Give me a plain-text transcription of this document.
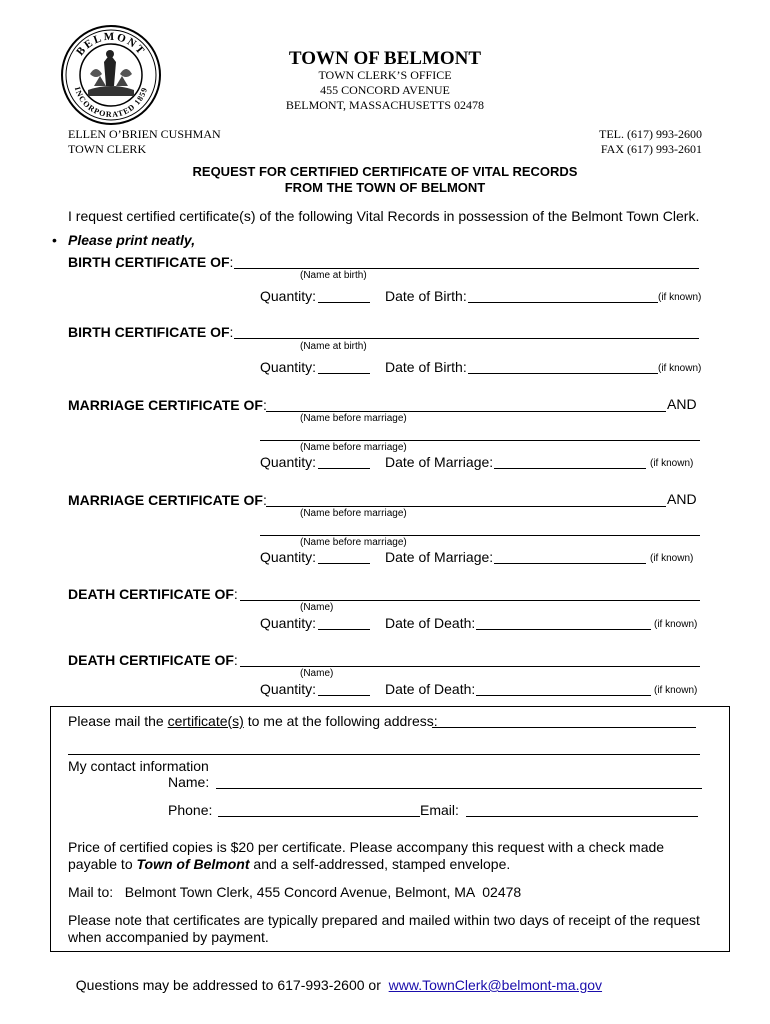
BELMONT
INCORPORATED 1859
TOWN OF BELMONT
TOWN CLERK’S OFFICE
455 CONCORD AVENUE
BELMONT, MASSACHUSETTS 02478
ELLEN O’BRIEN CUSHMAN
TOWN CLERK
TEL. (617) 993-2600
FAX (617) 993-2601
REQUEST FOR CERTIFIED CERTIFICATE OF VITAL RECORDS
FROM THE TOWN OF BELMONT
I request certified certificate(s) of the following Vital Records in possession of the Belmont Town Clerk.
• Please print neatly,
BIRTH CERTIFICATE OF:
(Name at birth)
Quantity:	Date of Birth:	(if known)
BIRTH CERTIFICATE OF:
(Name at birth)
Quantity:	Date of Birth:	(if known)
MARRIAGE CERTIFICATE OF:	AND
(Name before marriage)
(Name before marriage)
Quantity:	Date of Marriage:	(if known)
MARRIAGE CERTIFICATE OF:	AND
(Name before marriage)
(Name before marriage)
Quantity:	Date of Marriage:	(if known)
DEATH CERTIFICATE OF:
(Name)
Quantity:	Date of Death:	(if known)
DEATH CERTIFICATE OF:
(Name)
Quantity:	Date of Death:	(if known)
Please mail the certificate(s) to me at the following address:
My contact information
Name:
Phone:	Email:
Price of certified copies is $20 per certificate. Please accompany this request with a check made
payable to Town of Belmont and a self-addressed, stamped envelope.
Mail to:   Belmont Town Clerk, 455 Concord Avenue, Belmont, MA  02478
Please note that certificates are typically prepared and mailed within two days of receipt of the request
when accompanied by payment.

Questions may be addressed to 617-993-2600 or  www.TownClerk@belmont-ma.gov
